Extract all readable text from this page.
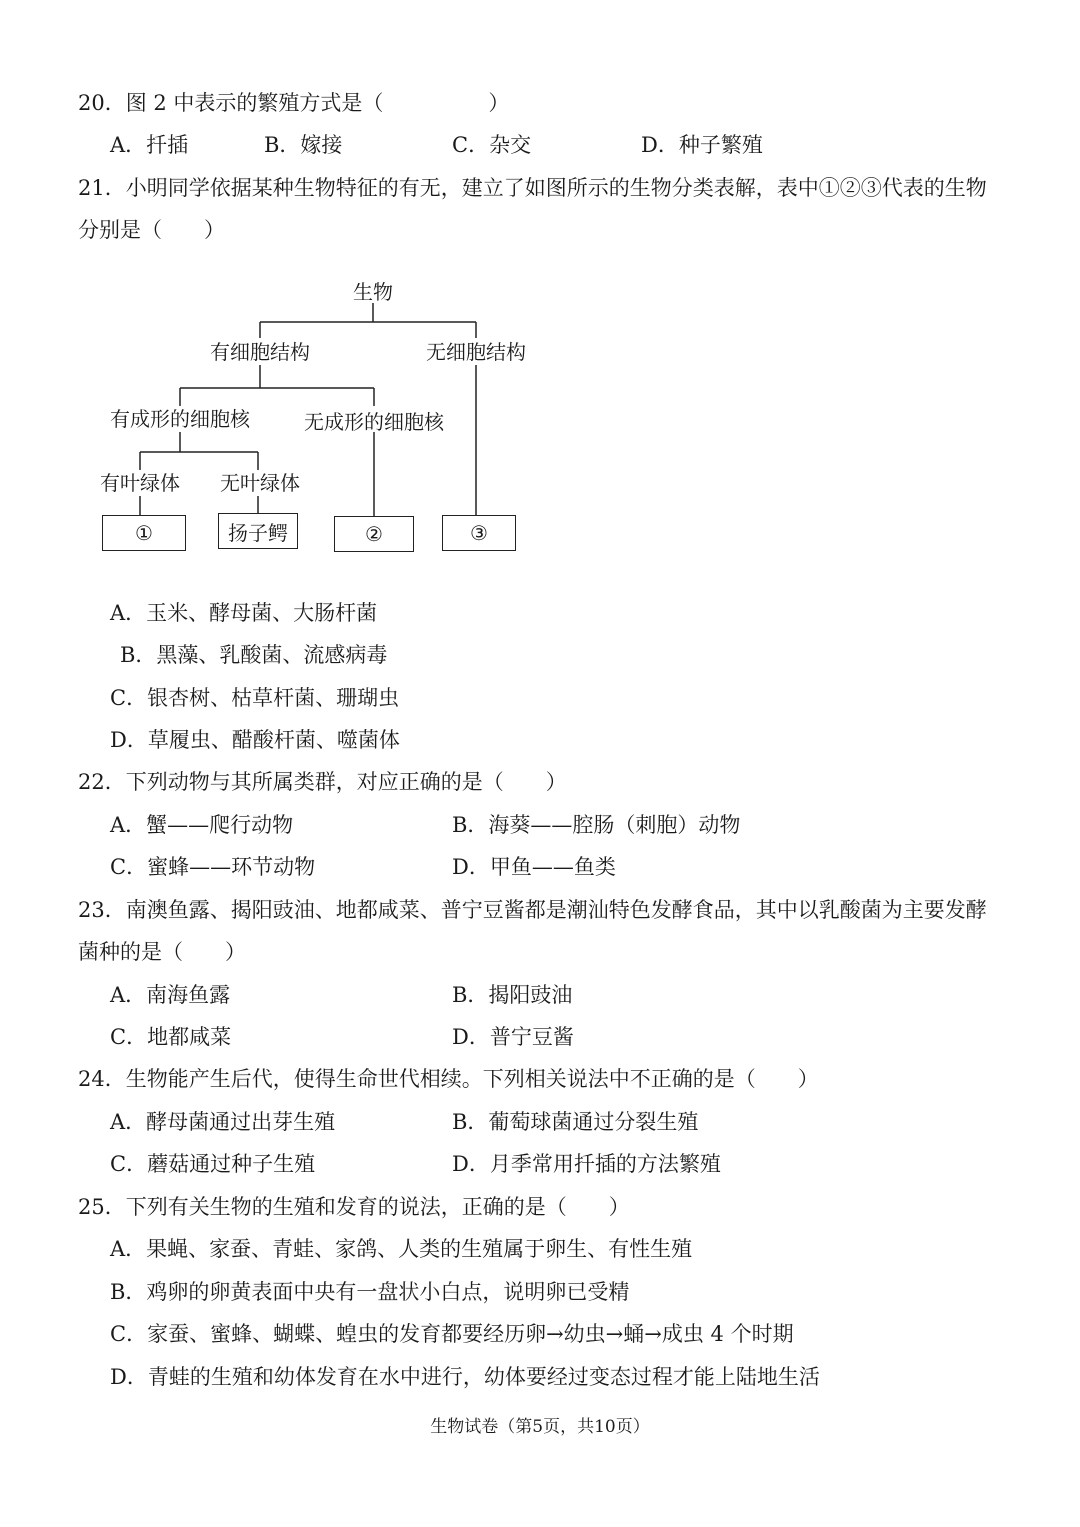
20．图 2 中表示的繁殖方式是（　　　　　）
A．扦插	B．嫁接	C．杂交	D．种子繁殖
21．小明同学依据某种生物特征的有无，建立了如图所示的生物分类表解，表中①②③代表的生物
分别是（　　）
生物
有细胞结构	无细胞结构
有成形的细胞核	无成形的细胞核
有叶绿体	无叶绿体
①	扬子鳄	②	③
A．玉米、酵母菌、大肠杆菌
B．黑藻、乳酸菌、流感病毒
C．银杏树、枯草杆菌、珊瑚虫
D．草履虫、醋酸杆菌、噬菌体
22．下列动物与其所属类群，对应正确的是（　　）
A．蟹——爬行动物	B．海葵——腔肠（刺胞）动物
C．蜜蜂——环节动物	D．甲鱼——鱼类
23．南澳鱼露、揭阳豉油、地都咸菜、普宁豆酱都是潮汕特色发酵食品，其中以乳酸菌为主要发酵
菌种的是（　　）
A．南海鱼露	B．揭阳豉油
C．地都咸菜	D．普宁豆酱
24．生物能产生后代，使得生命世代相续。下列相关说法中不正确的是（　　）
A．酵母菌通过出芽生殖	B．葡萄球菌通过分裂生殖
C．蘑菇通过种子生殖	D．月季常用扦插的方法繁殖
25．下列有关生物的生殖和发育的说法，正确的是（　　）
A．果蝇、家蚕、青蛙、家鸽、人类的生殖属于卵生、有性生殖
B．鸡卵的卵黄表面中央有一盘状小白点，说明卵已受精
C．家蚕、蜜蜂、蝴蝶、蝗虫的发育都要经历卵→幼虫→蛹→成虫 4 个时期
D．青蛙的生殖和幼体发育在水中进行，幼体要经过变态过程才能上陆地生活
生物试卷（第5页，共10页）
